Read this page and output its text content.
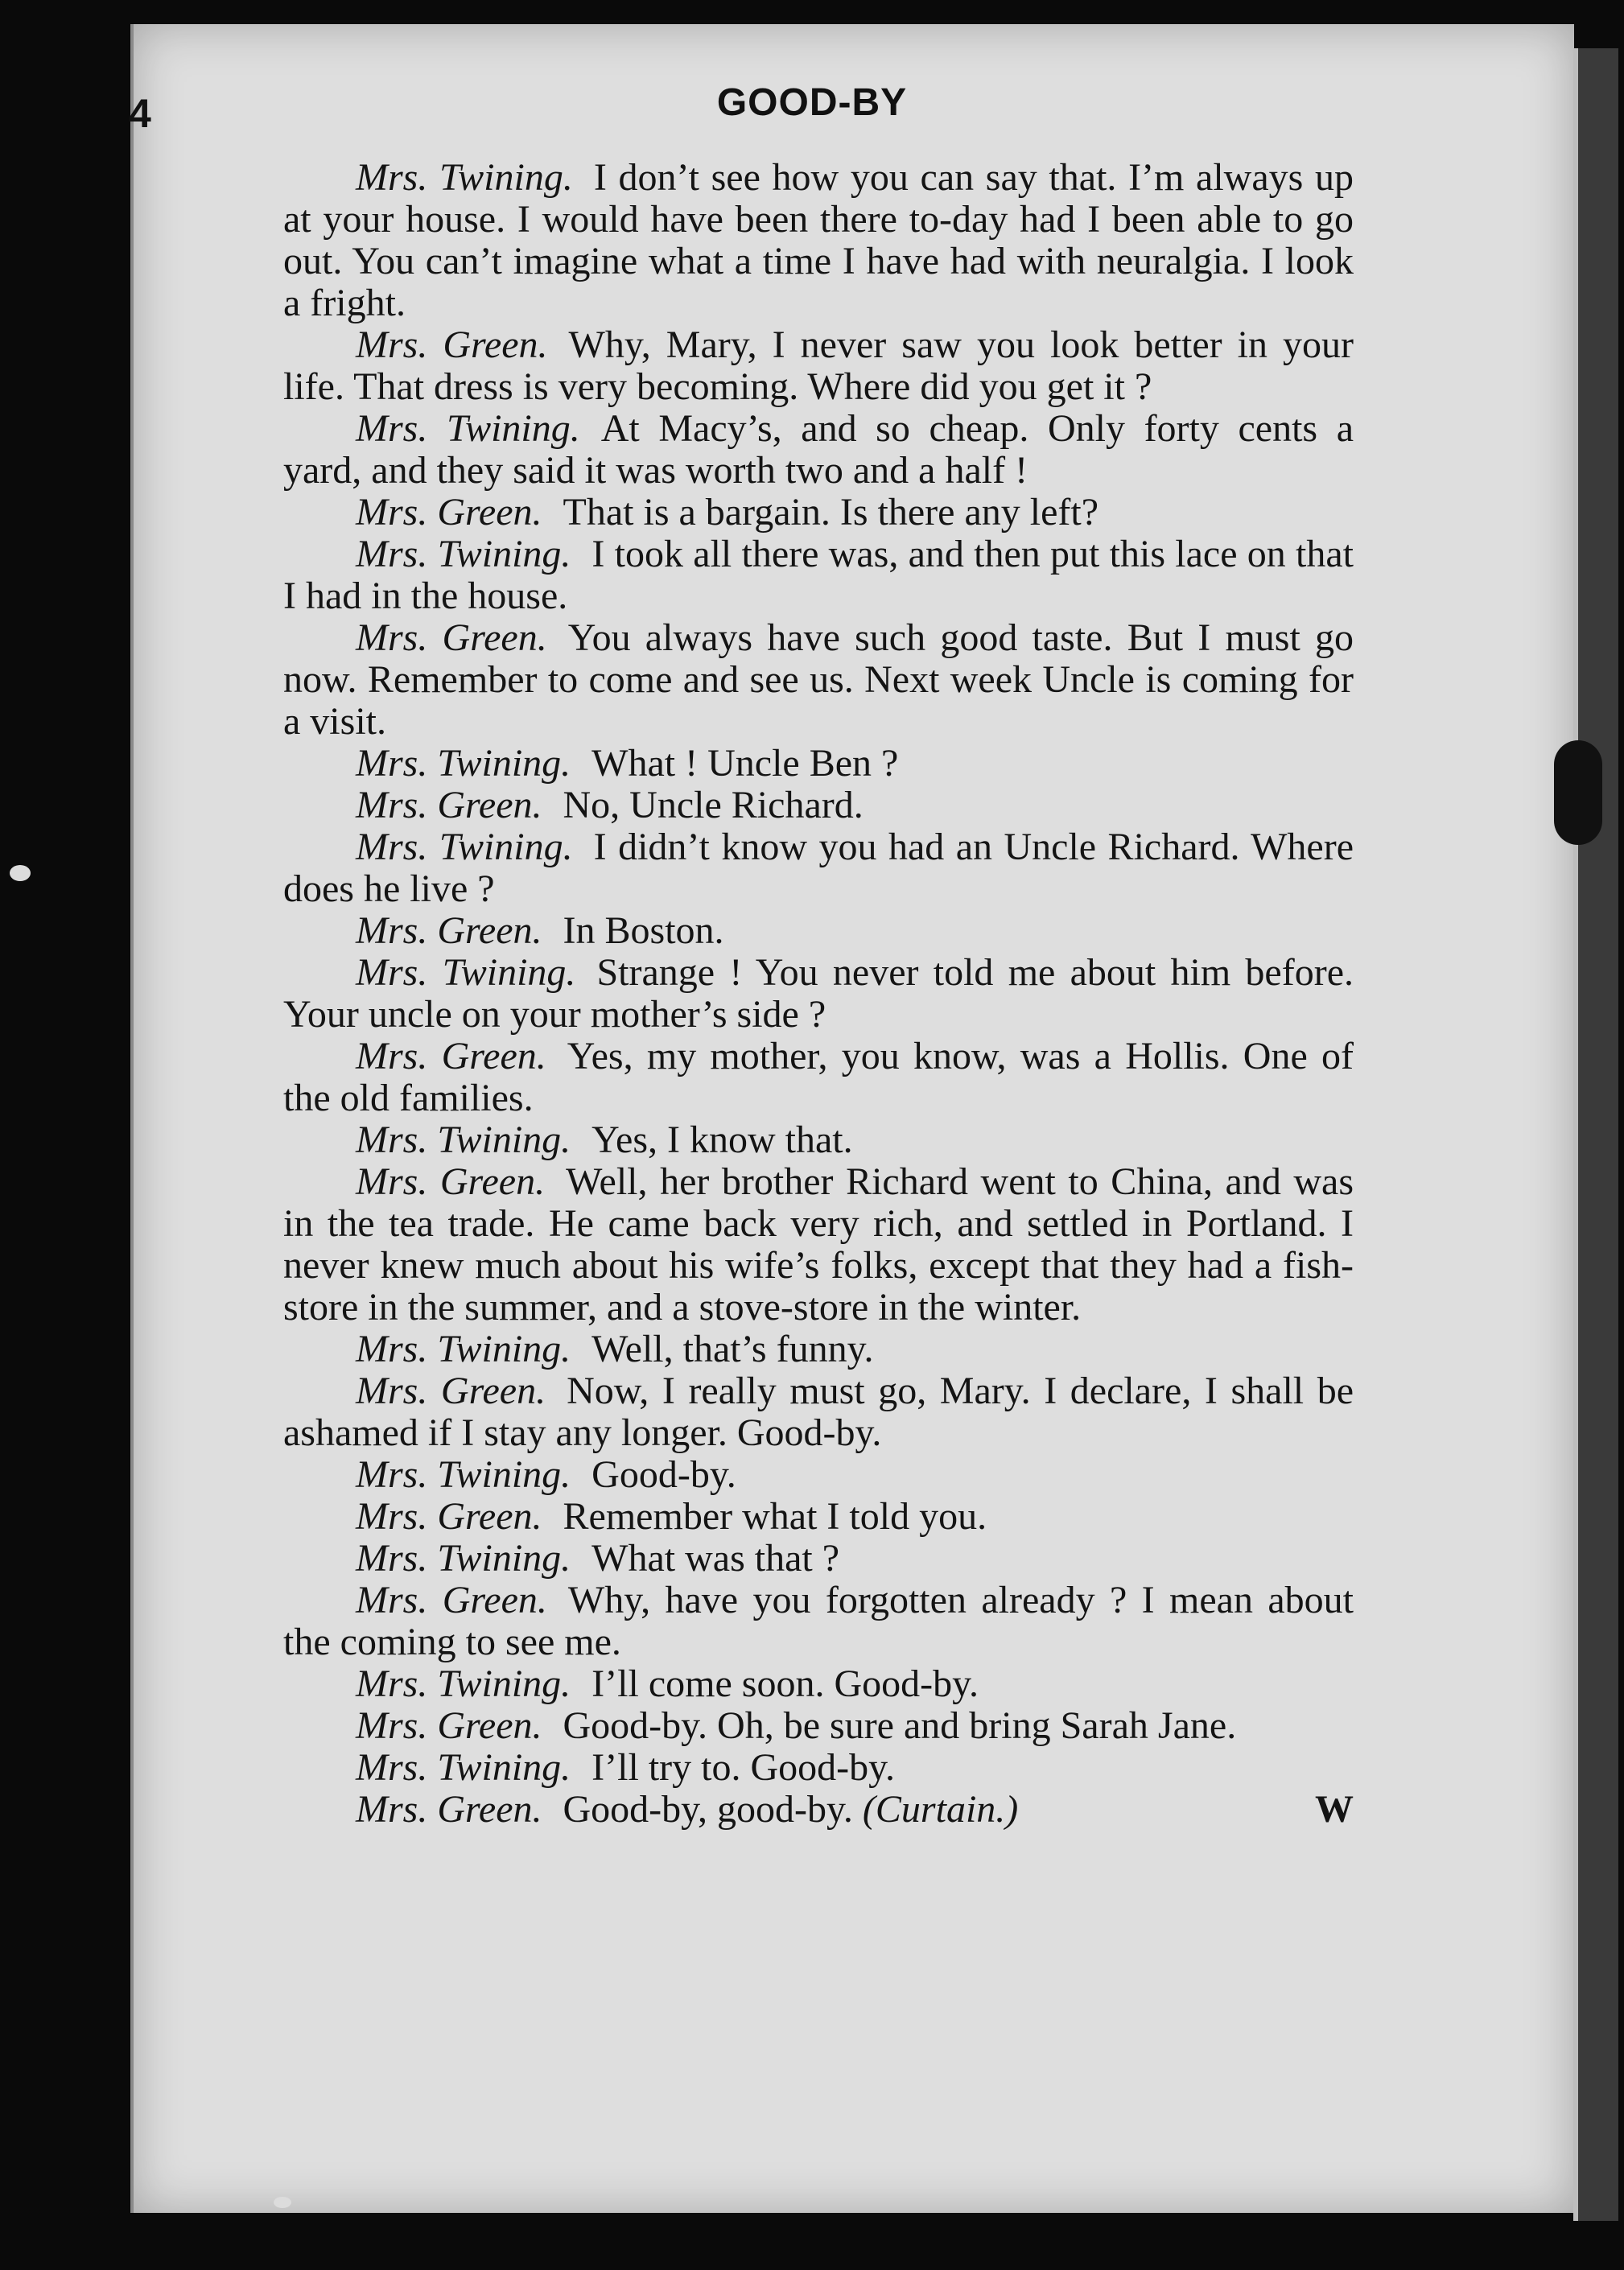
4	GOOD-BY

Mrs. Twining. I don’t see how you can say that. I’m always up at your house. I would have been there to-day had I been able to go out. You can’t imagine what a time I have had with neuralgia. I look a fright.

Mrs. Green. Why, Mary, I never saw you look better in your life. That dress is very becoming. Where did you get it ?

Mrs. Twining. At Macy’s, and so cheap. Only forty cents a yard, and they said it was worth two and a half !

Mrs. Green. That is a bargain. Is there any left?

Mrs. Twining. I took all there was, and then put this lace on that I had in the house.

Mrs. Green. You always have such good taste. But I must go now. Remember to come and see us. Next week Uncle is coming for a visit.

Mrs. Twining. What ! Uncle Ben ?

Mrs. Green. No, Uncle Richard.

Mrs. Twining. I didn’t know you had an Uncle Richard. Where does he live ?

Mrs. Green. In Boston.

Mrs. Twining. Strange ! You never told me about him before. Your uncle on your mother’s side ?

Mrs. Green. Yes, my mother, you know, was a Hollis. One of the old families.

Mrs. Twining. Yes, I know that.

Mrs. Green. Well, her brother Richard went to China, and was in the tea trade. He came back very rich, and settled in Portland. I never knew much about his wife’s folks, except that they had a fish-store in the summer, and a stove-store in the winter.

Mrs. Twining. Well, that’s funny.

Mrs. Green. Now, I really must go, Mary. I declare, I shall be ashamed if I stay any longer. Good-by.

Mrs. Twining. Good-by.

Mrs. Green. Remember what I told you.

Mrs. Twining. What was that ?

Mrs. Green. Why, have you forgotten already ? I mean about the coming to see me.

Mrs. Twining. I’ll come soon. Good-by.

Mrs. Green. Good-by. Oh, be sure and bring Sarah Jane.

Mrs. Twining. I’ll try to. Good-by.

Mrs. Green. Good-by, good-by. (Curtain.)	W
